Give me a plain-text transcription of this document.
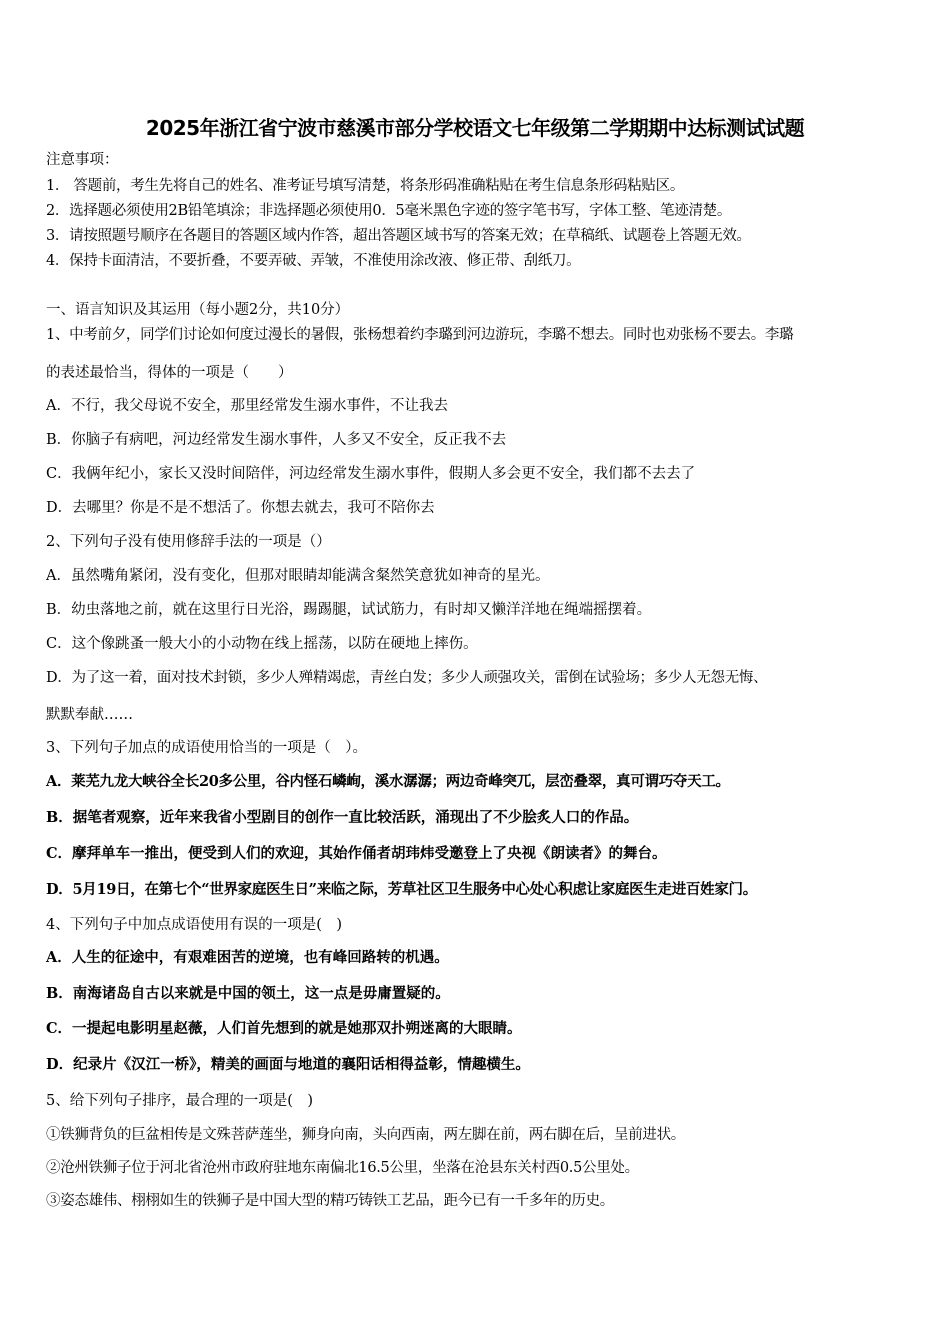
2025年浙江省宁波市慈溪市部分学校语文七年级第二学期期中达标测试试题
注意事项：
1． 答题前，考生先将自己的姓名、准考证号填写清楚，将条形码准确粘贴在考生信息条形码粘贴区。
2．选择题必须使用2B铅笔填涂；非选择题必须使用0．5毫米黑色字迹的签字笔书写，字体工整、笔迹清楚。
3．请按照题号顺序在各题目的答题区域内作答，超出答题区域书写的答案无效；在草稿纸、试题卷上答题无效。
4．保持卡面清洁，不要折叠，不要弄破、弄皱，不准使用涂改液、修正带、刮纸刀。
一、语言知识及其运用（每小题2分，共10分）
1、中考前夕，同学们讨论如何度过漫长的暑假，张杨想着约李璐到河边游玩，李璐不想去。同时也劝张杨不要去。李璐
的表述最恰当，得体的一项是（　　）
A．不行，我父母说不安全，那里经常发生溺水事件，不让我去
B．你脑子有病吧，河边经常发生溺水事件，人多又不安全，反正我不去
C．我俩年纪小，家长又没时间陪伴，河边经常发生溺水事件，假期人多会更不安全，我们都不去去了
D．去哪里？你是不是不想活了。你想去就去，我可不陪你去
2、下列句子没有使用修辞手法的一项是（）
A．虽然嘴角紧闭，没有变化，但那对眼睛却能满含粲然笑意犹如神奇的星光。
B．幼虫落地之前，就在这里行日光浴，踢踢腿，试试筋力，有时却又懒洋洋地在绳端摇摆着。
C．这个像跳蚤一般大小的小动物在线上摇荡，以防在硬地上摔伤。
D．为了这一着，面对技术封锁，多少人殚精竭虑，青丝白发；多少人顽强攻关，雷倒在试验场；多少人无怨无悔、
默默奉献……
3、下列句子加点的成语使用恰当的一项是（　）。
A．莱芜九龙大峡谷全长20多公里，谷内怪石嶙峋，溪水潺潺；两边奇峰突兀，层峦叠翠，真可谓巧夺天工。
B．据笔者观察，近年来我省小型剧目的创作一直比较活跃，涌现出了不少脍炙人口的作品。
C．摩拜单车一推出，便受到人们的欢迎，其始作俑者胡玮炜受邀登上了央视《朗读者》的舞台。
D．5月19日，在第七个“世界家庭医生日”来临之际，芳草社区卫生服务中心处心积虑让家庭医生走进百姓家门。
4、下列句子中加点成语使用有误的一项是(　)
A．人生的征途中，有艰难困苦的逆境，也有峰回路转的机遇。
B．南海诸岛自古以来就是中国的领土，这一点是毋庸置疑的。
C．一提起电影明星赵薇，人们首先想到的就是她那双扑朔迷离的大眼睛。
D．纪录片《汉江一桥》，精美的画面与地道的襄阳话相得益彰，情趣横生。
5、给下列句子排序，最合理的一项是(　)
①铁狮背负的巨盆相传是文殊菩萨莲坐，狮身向南，头向西南，两左脚在前，两右脚在后，呈前进状。
②沧州铁狮子位于河北省沧州市政府驻地东南偏北16.5公里，坐落在沧县东关村西0.5公里处。
③姿态雄伟、栩栩如生的铁狮子是中国大型的精巧铸铁工艺品，距今已有一千多年的历史。
